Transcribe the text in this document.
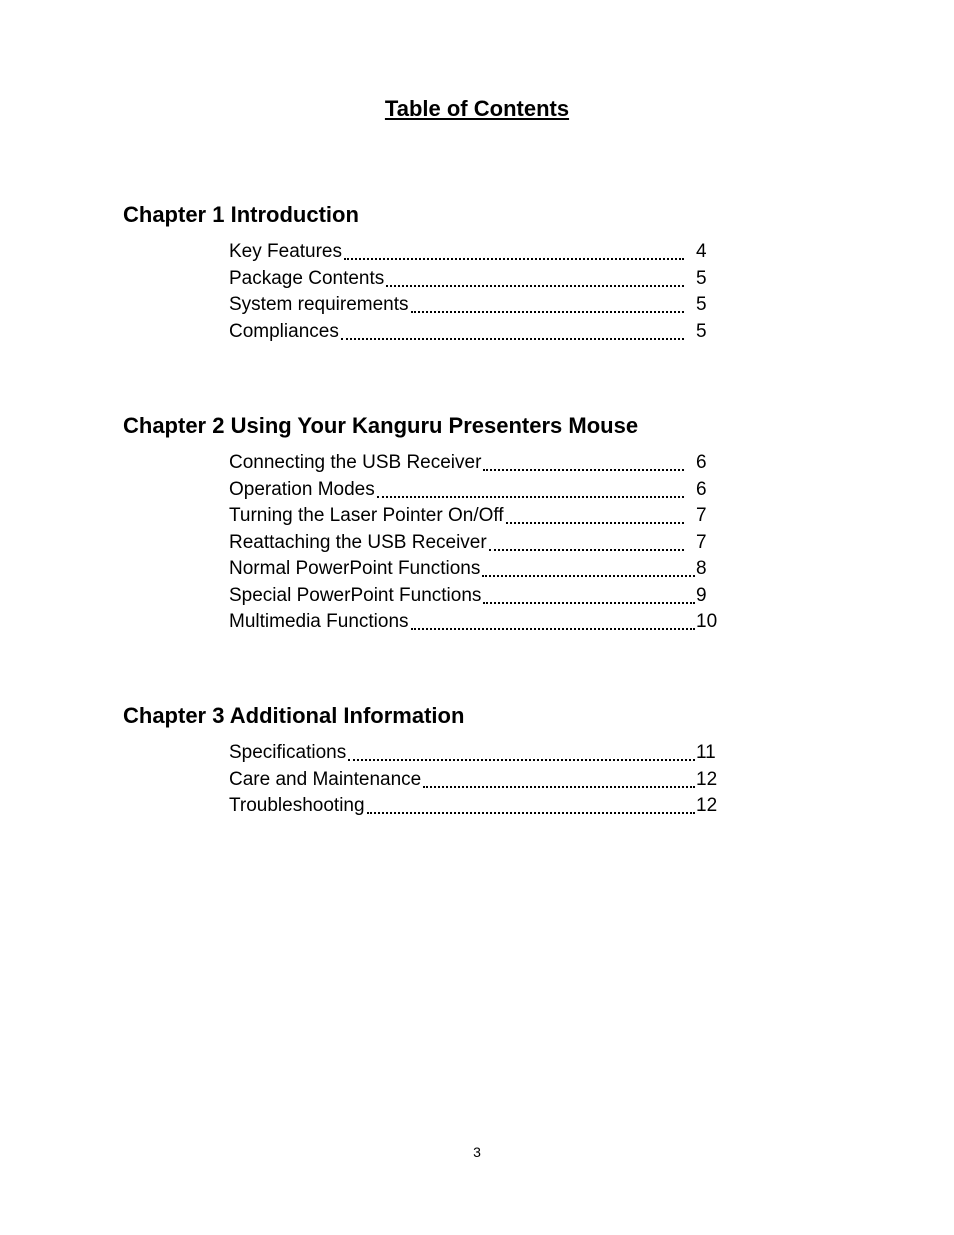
Table of Contents
Chapter 1 Introduction
Key Features	4
Package Contents	5
System requirements	5
Compliances	5
Chapter 2 Using Your Kanguru Presenters Mouse
Connecting the USB Receiver	6
Operation Modes	6
Turning the Laser Pointer On/Off	7
Reattaching the USB Receiver	7
Normal PowerPoint Functions	8
Special PowerPoint Functions	9
Multimedia Functions	10
Chapter 3 Additional Information
Specifications	11
Care and Maintenance	12
Troubleshooting	12
3
